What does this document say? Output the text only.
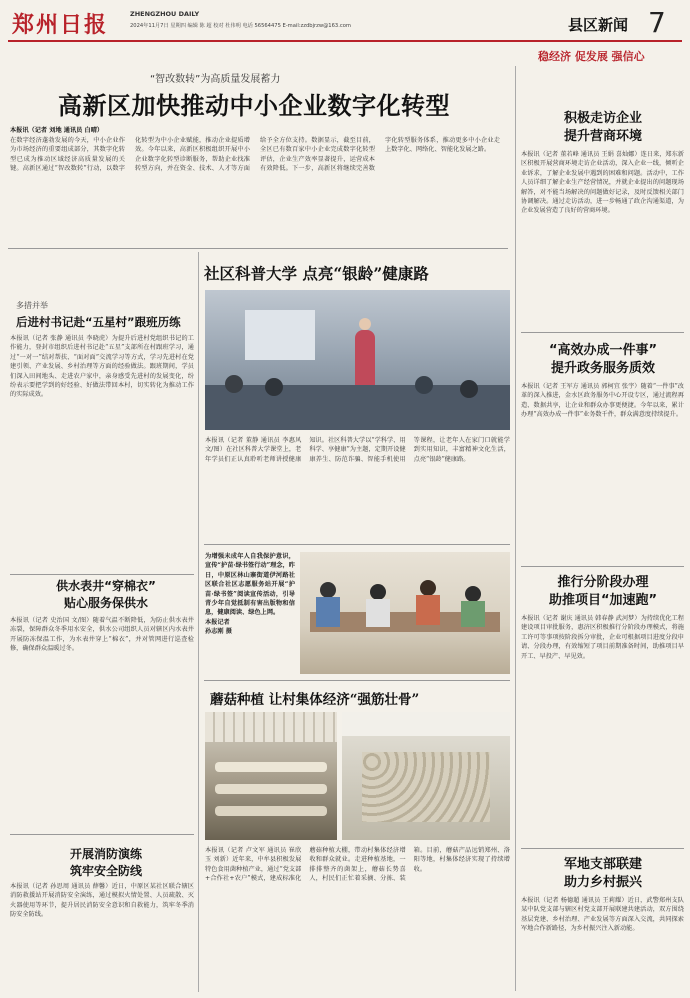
郑州日报	ZHENGZHOU DAILY
2024年11月7日 星期四 编辑 陈 超 校对 杜伟明 电话 56564475 E-mail:zzdbjrzw@163.com	县区新闻 7
稳经济 促发展 强信心
“智改数转”为高质量发展蓄力
高新区加快推动中小企业数字化转型
本报讯（记者 刘地 通讯员 白晴）
在数字经济蓬勃发展的今天，中小企业作为市场经济的重要组成部分，其数字化转型已成为推动区域经济高质量发展的关键。高新区通过“智改数转”行动，以数字化转型为中小企业赋能，推动企业提质增效。今年以来，高新区积极组织开展中小企业数字化转型诊断服务，帮助企业找准转型方向，并在资金、技术、人才等方面给予全方位支持。数据显示，截至目前，全区已有数百家中小企业完成数字化转型评估，企业生产效率显著提升，运营成本有效降低。下一步，高新区将继续完善数字化转型服务体系，推动更多中小企业走上数字化、网络化、智能化发展之路。
积极走访企业
提升营商环境
本报讯（记者 董若峰 通讯员 王娟 喜灿娜）连日来，郑东新区积极开展营商环境走访企业活动，深入企业一线，倾听企业诉求，了解企业发展中遇到的困难和问题。活动中，工作人员详细了解企业生产经营情况，并就企业提出的问题现场解答，对不能当场解决的问题做好记录，及时反馈相关部门协调解决。通过走访活动，进一步畅通了政企沟通渠道，为企业发展营造了良好的营商环境。
“高效办成一件事”
提升政务服务质效
本报讯（记者 王军方 通讯员 郭柯宜 张宇）随着“一件事”改革的深入推进，金水区政务服务中心开设专区，通过流程再造、数据共享，让企业和群众办事更便捷。今年以来，累计办理“高效办成一件事”业务数千件，群众满意度持续提升。
推行分阶段办理
助推项目“加速跑”
本报讯（记者 谢庆 通讯员 韩春静 武河梦）为持续优化工程建设项目审批服务，惠济区积极推行分阶段办理模式，将施工许可等事项按阶段拆分审批，企业可根据项目进度分段申请、分段办理，有效缩短了项目前期准备时间，助推项目早开工、早投产、早见效。
军地支部联建
助力乡村振兴
本报讯（记者 杨德超 通讯员 王莉耀）近日，武警郑州支队某中队党支部与辖区村党支部开展联建共建活动，双方围绕基层党建、乡村治理、产业发展等方面深入交流，共同探索军地合作新路径，为乡村振兴注入新动能。
多措并举
后进村书记赴“五星村”跟班历练
本报讯（记者 张静 通讯员 李晓虎）为提升后进村党组织书记的工作能力，登封市组织后进村书记赴“五星”支部所在村跟班学习，通过“一对一”结对帮扶、“面对面”交流学习等方式，学习先进村在党建引领、产业发展、乡村治理等方面的经验做法。跟班期间，学员们深入田间地头、走进农户家中，亲身感受先进村的发展变化，纷纷表示要把学到的好经验、好做法带回本村，切实转化为推动工作的实际成效。
供水表井“穿棉衣”
贴心服务保供水
本报讯（记者 史治国 文/图）随着气温不断降低，为防止供水表井冻裂，保障群众冬季用水安全，供水公司组织人员对辖区内水表井开展防冻保温工作，为水表井穿上“棉衣”，并对管网进行巡查检修，确保群众温暖过冬。
开展消防演练
筑牢安全防线
本报讯（记者 孙思周 通讯员 薛馨）近日，中原区某社区联合辖区消防救援站开展消防安全演练，通过模拟火情处置、人员疏散、灭火器使用等环节，提升居民消防安全意识和自救能力，筑牢冬季消防安全防线。
社区科普大学 点亮“银龄”健康路
本报讯（记者 董静 通讯员 李惠风 文/图）在社区科普大学课堂上，老年学员们正认真聆听老师讲授健康知识。社区科普大学以“学科学、用科学、享健康”为主题，定期开设健康养生、防范诈骗、智能手机使用等课程，让老年人在家门口就能学到实用知识，丰富精神文化生活，点亮“银龄”健康路。
为增强未成年人自我保护意识，宣传“护苗·绿书签行动”理念，昨日，中原区林山寨街道伊河路社区联合社区志愿服务站开展“护苗·绿书签”阅读宣传活动，引导青少年自觉抵制有害出版物和信息，健康阅读、绿色上网。
本报记者
孙志刚 摄
蘑菇种植 让村集体经济“强筋壮骨”
本报讯（记者 卢文军 通讯员 崔欣玉 刘新）近年来，中牟县积极发展特色食用菌种植产业，通过“党支部+合作社+农户”模式，建成标准化蘑菇种植大棚，带动村集体经济增收和群众就业。走进种植基地，一排排整齐的菌架上，蘑菇长势喜人，村民们正忙着采摘、分拣、装箱。目前，蘑菇产品远销郑州、洛阳等地，村集体经济实现了持续增收。
